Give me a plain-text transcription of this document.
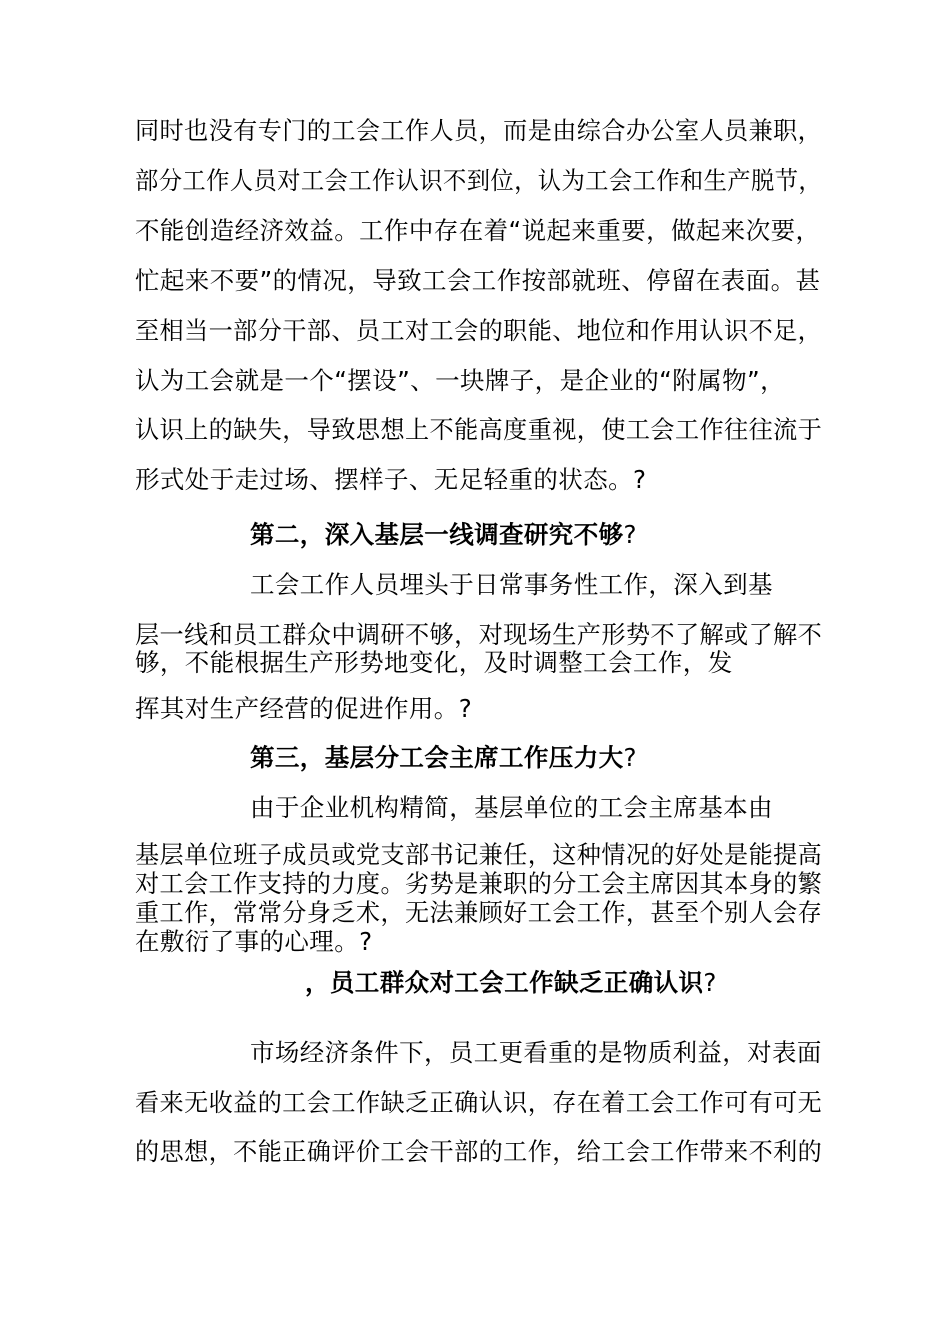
同时也没有专门的工会工作人员，而是由综合办公室人员兼职，
部分工作人员对工会工作认识不到位，认为工会工作和生产脱节，
不能创造经济效益。工作中存在着“说起来重要，做起来次要，
忙起来不要”的情况，导致工会工作按部就班、停留在表面。甚
至相当一部分干部、员工对工会的职能、地位和作用认识不足，
认为工会就是一个“摆设”、一块牌子，是企业的“附属物”，
认识上的缺失，导致思想上不能高度重视，使工会工作往往流于
形式处于走过场、摆样子、无足轻重的状态。?
第二，深入基层一线调查研究不够?
工会工作人员埋头于日常事务性工作，深入到基
层一线和员工群众中调研不够，对现场生产形势不了解或了解不
够，不能根据生产形势地变化，及时调整工会工作，发
挥其对生产经营的促进作用。?
第三，基层分工会主席工作压力大?
由于企业机构精简，基层单位的工会主席基本由
基层单位班子成员或党支部书记兼任，这种情况的好处是能提高
对工会工作支持的力度。劣势是兼职的分工会主席因其本身的繁
重工作，常常分身乏术，无法兼顾好工会工作，甚至个别人会存
在敷衍了事的心理。?
，员工群众对工会工作缺乏正确认识?
市场经济条件下，员工更看重的是物质利益，对表面
看来无收益的工会工作缺乏正确认识，存在着工会工作可有可无
的思想，不能正确评价工会干部的工作，给工会工作带来不利的
